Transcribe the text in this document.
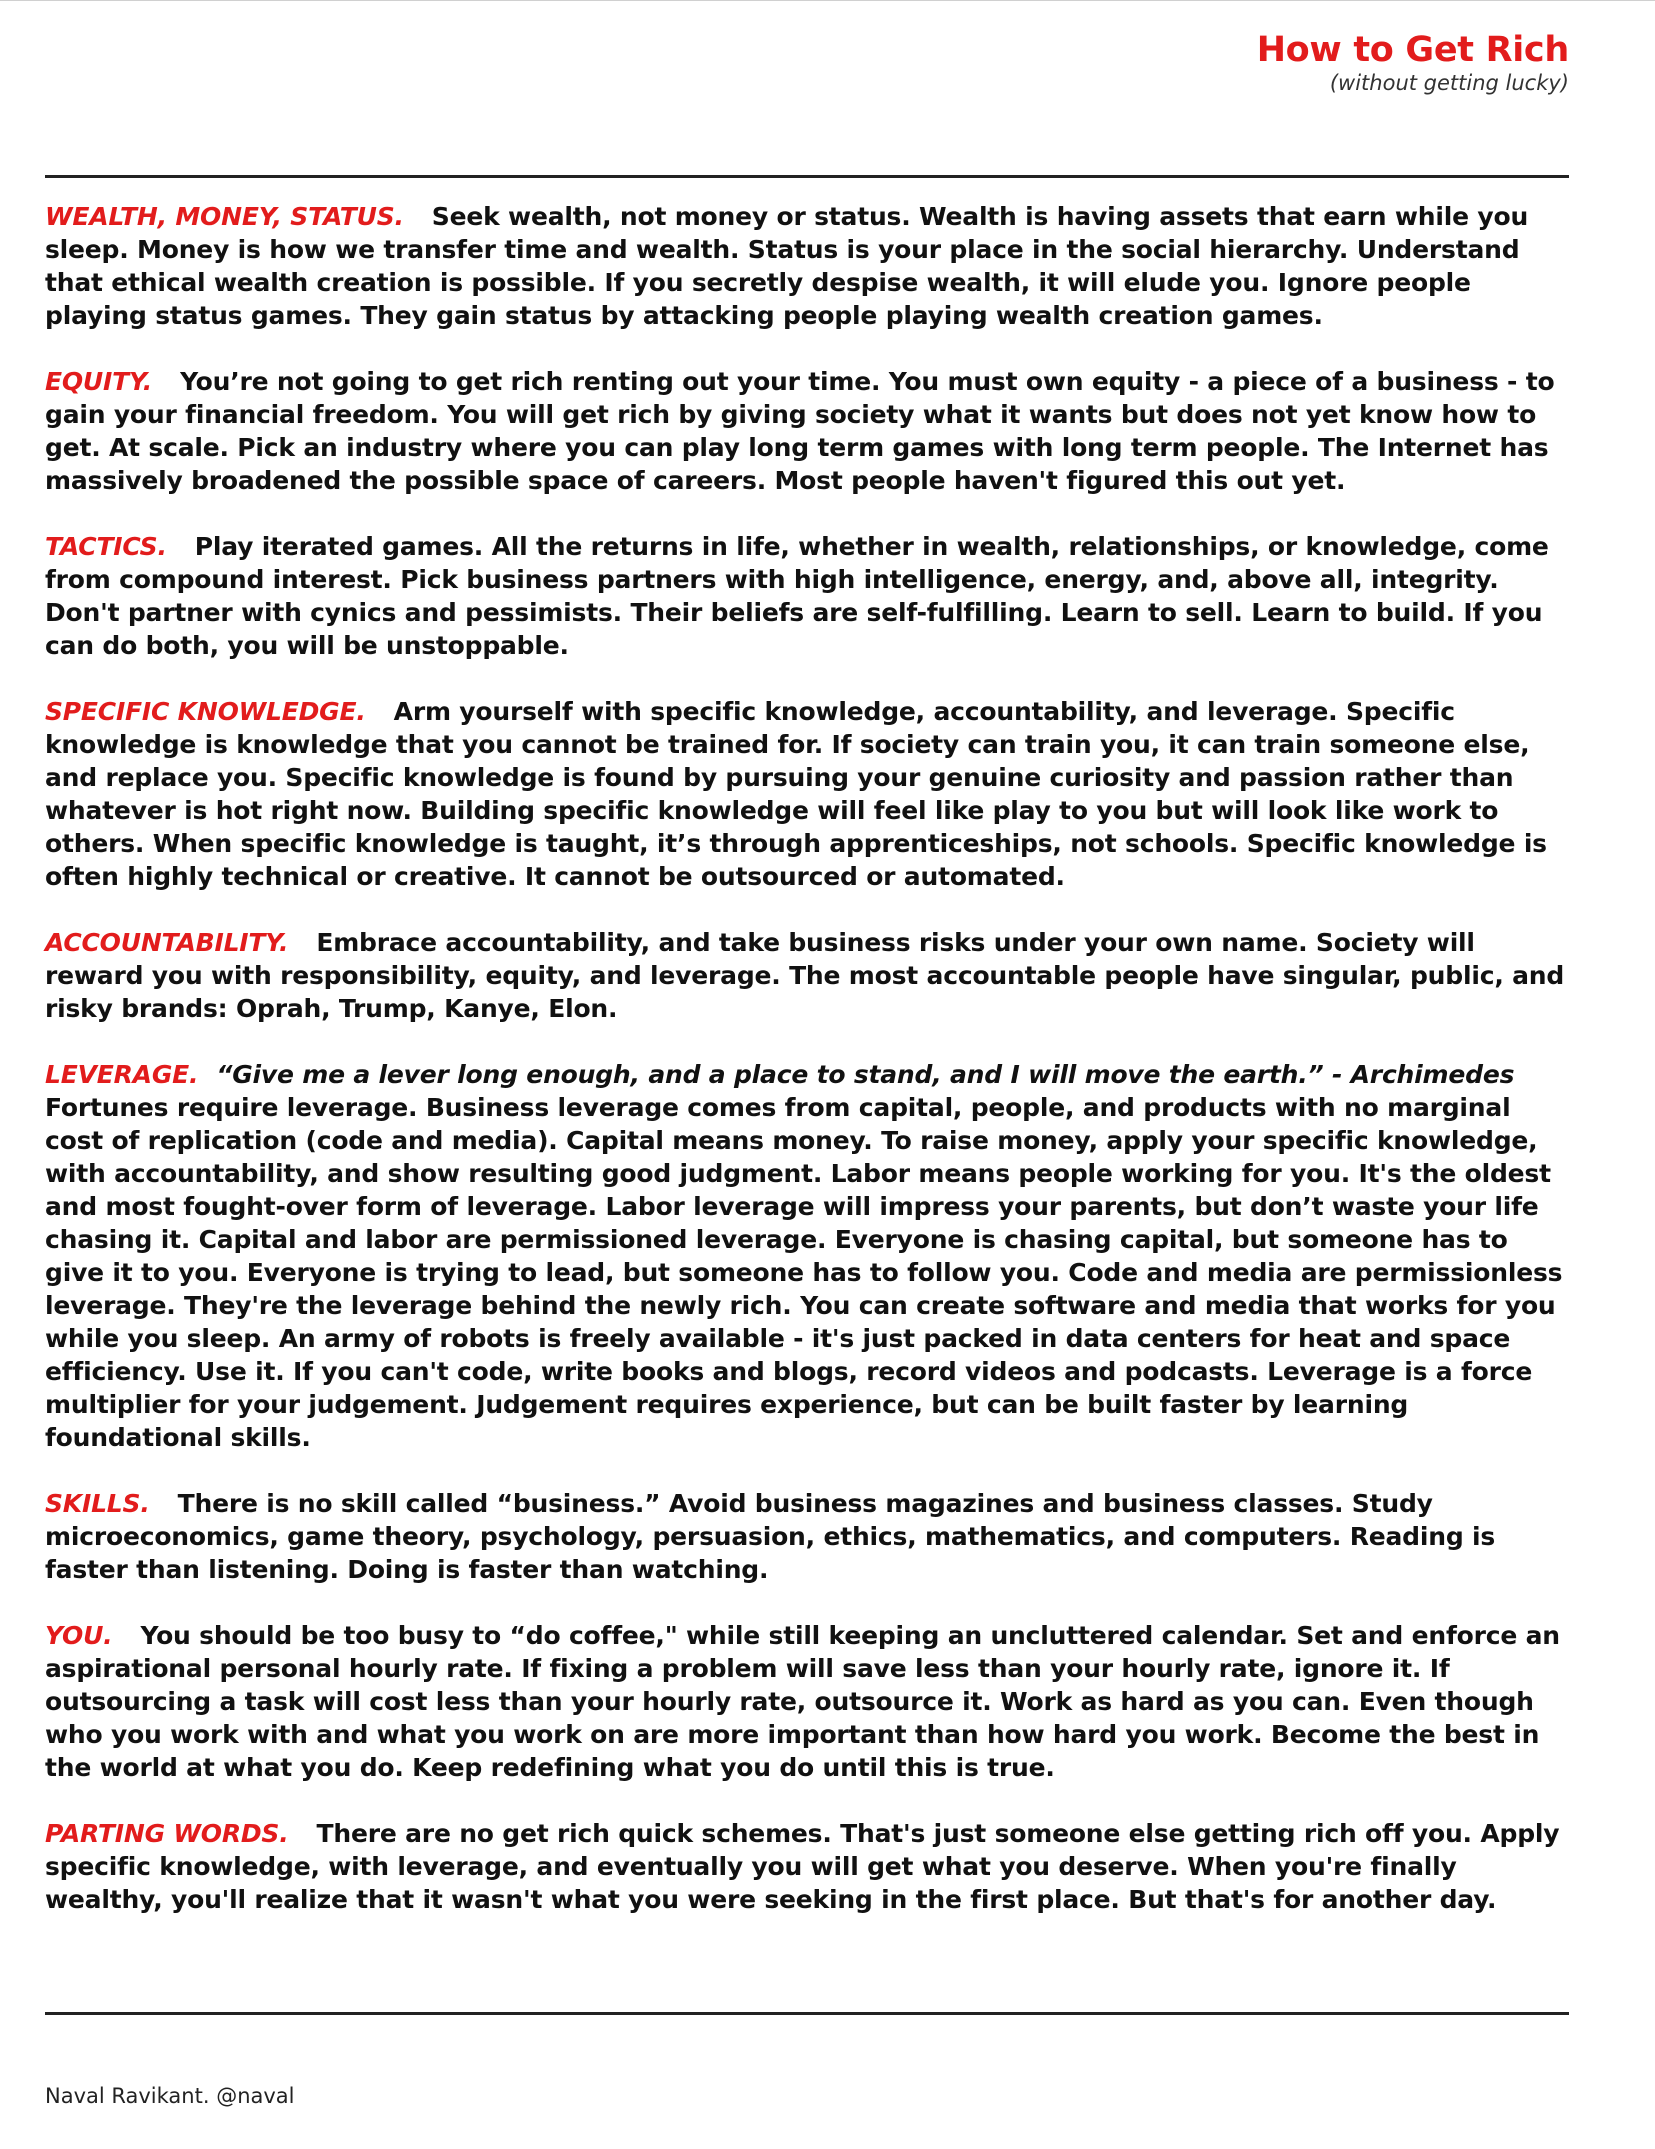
How to Get Rich
(without getting lucky)

WEALTH, MONEY, STATUS. Seek wealth, not money or status. Wealth is having assets that earn while you sleep. Money is how we transfer time and wealth. Status is your place in the social hierarchy. Understand that ethical wealth creation is possible. If you secretly despise wealth, it will elude you. Ignore people playing status games. They gain status by attacking people playing wealth creation games.

EQUITY. You’re not going to get rich renting out your time. You must own equity - a piece of a business - to gain your financial freedom. You will get rich by giving society what it wants but does not yet know how to get. At scale. Pick an industry where you can play long term games with long term people. The Internet has massively broadened the possible space of careers. Most people haven't figured this out yet.

TACTICS. Play iterated games. All the returns in life, whether in wealth, relationships, or knowledge, come from compound interest. Pick business partners with high intelligence, energy, and, above all, integrity. Don't partner with cynics and pessimists. Their beliefs are self-fulfilling. Learn to sell. Learn to build. If you can do both, you will be unstoppable.

SPECIFIC KNOWLEDGE. Arm yourself with specific knowledge, accountability, and leverage. Specific knowledge is knowledge that you cannot be trained for. If society can train you, it can train someone else, and replace you. Specific knowledge is found by pursuing your genuine curiosity and passion rather than whatever is hot right now. Building specific knowledge will feel like play to you but will look like work to others. When specific knowledge is taught, it’s through apprenticeships, not schools. Specific knowledge is often highly technical or creative. It cannot be outsourced or automated.

ACCOUNTABILITY. Embrace accountability, and take business risks under your own name. Society will reward you with responsibility, equity, and leverage. The most accountable people have singular, public, and risky brands: Oprah, Trump, Kanye, Elon.

LEVERAGE. “Give me a lever long enough, and a place to stand, and I will move the earth.” - Archimedes
Fortunes require leverage. Business leverage comes from capital, people, and products with no marginal cost of replication (code and media). Capital means money. To raise money, apply your specific knowledge, with accountability, and show resulting good judgment. Labor means people working for you. It's the oldest and most fought-over form of leverage. Labor leverage will impress your parents, but don’t waste your life chasing it. Capital and labor are permissioned leverage. Everyone is chasing capital, but someone has to give it to you. Everyone is trying to lead, but someone has to follow you. Code and media are permissionless leverage. They're the leverage behind the newly rich. You can create software and media that works for you while you sleep. An army of robots is freely available - it's just packed in data centers for heat and space efficiency. Use it. If you can't code, write books and blogs, record videos and podcasts. Leverage is a force multiplier for your judgement. Judgement requires experience, but can be built faster by learning foundational skills.

SKILLS. There is no skill called “business.” Avoid business magazines and business classes. Study microeconomics, game theory, psychology, persuasion, ethics, mathematics, and computers. Reading is faster than listening. Doing is faster than watching.

YOU. You should be too busy to “do coffee," while still keeping an uncluttered calendar. Set and enforce an aspirational personal hourly rate. If fixing a problem will save less than your hourly rate, ignore it. If outsourcing a task will cost less than your hourly rate, outsource it. Work as hard as you can. Even though who you work with and what you work on are more important than how hard you work. Become the best in the world at what you do. Keep redefining what you do until this is true.

PARTING WORDS. There are no get rich quick schemes. That's just someone else getting rich off you. Apply specific knowledge, with leverage, and eventually you will get what you deserve. When you're finally wealthy, you'll realize that it wasn't what you were seeking in the first place. But that's for another day.

Naval Ravikant. @naval
